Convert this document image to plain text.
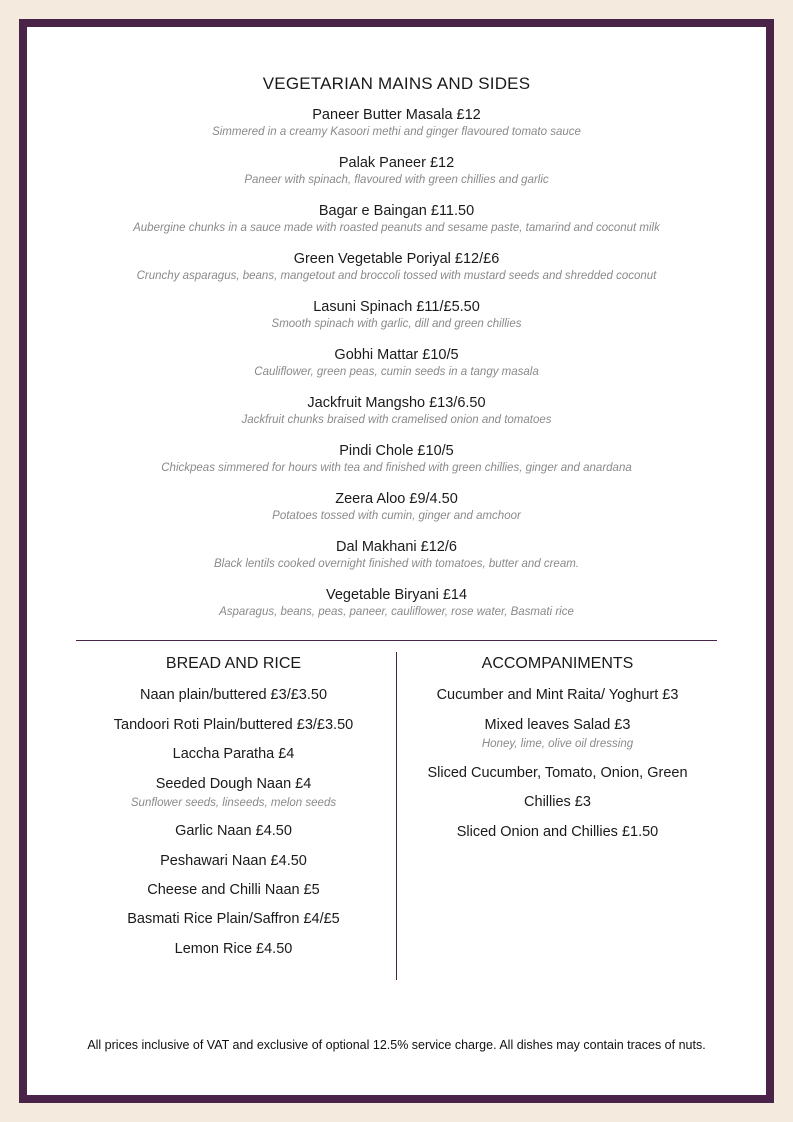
VEGETARIAN MAINS AND SIDES
Paneer Butter Masala £12
Simmered in a creamy Kasoori methi and ginger flavoured tomato sauce
Palak Paneer £12
Paneer with spinach, flavoured with green chillies and garlic
Bagar e Baingan £11.50
Aubergine chunks in a sauce made with roasted peanuts and sesame paste, tamarind and coconut milk
Green Vegetable Poriyal £12/£6
Crunchy asparagus, beans, mangetout and broccoli tossed with mustard seeds and shredded coconut
Lasuni Spinach £11/£5.50
Smooth spinach with garlic, dill and green chillies
Gobhi Mattar £10/5
Cauliflower, green peas, cumin seeds in a tangy masala
Jackfruit Mangsho £13/6.50
Jackfruit chunks braised with cramelised onion and tomatoes
Pindi Chole £10/5
Chickpeas simmered for hours with tea and finished with green chillies, ginger and anardana
Zeera Aloo £9/4.50
Potatoes tossed with cumin, ginger and amchoor
Dal Makhani £12/6
Black lentils cooked overnight finished with tomatoes, butter and cream.
Vegetable Biryani £14
Asparagus, beans, peas, paneer, cauliflower, rose water, Basmati rice
BREAD AND RICE
Naan plain/buttered £3/£3.50
Tandoori Roti Plain/buttered £3/£3.50
Laccha Paratha £4
Seeded Dough Naan £4
Sunflower seeds, linseeds, melon seeds
Garlic Naan £4.50
Peshawari Naan £4.50
Cheese and Chilli Naan £5
Basmati Rice Plain/Saffron £4/£5
Lemon Rice £4.50
ACCOMPANIMENTS
Cucumber and Mint Raita/ Yoghurt £3
Mixed leaves Salad £3
Honey, lime, olive oil dressing
Sliced Cucumber, Tomato, Onion, Green
Chillies £3
Sliced Onion and Chillies £1.50
All prices inclusive of VAT and exclusive of optional 12.5% service charge. All dishes may contain traces of nuts.
